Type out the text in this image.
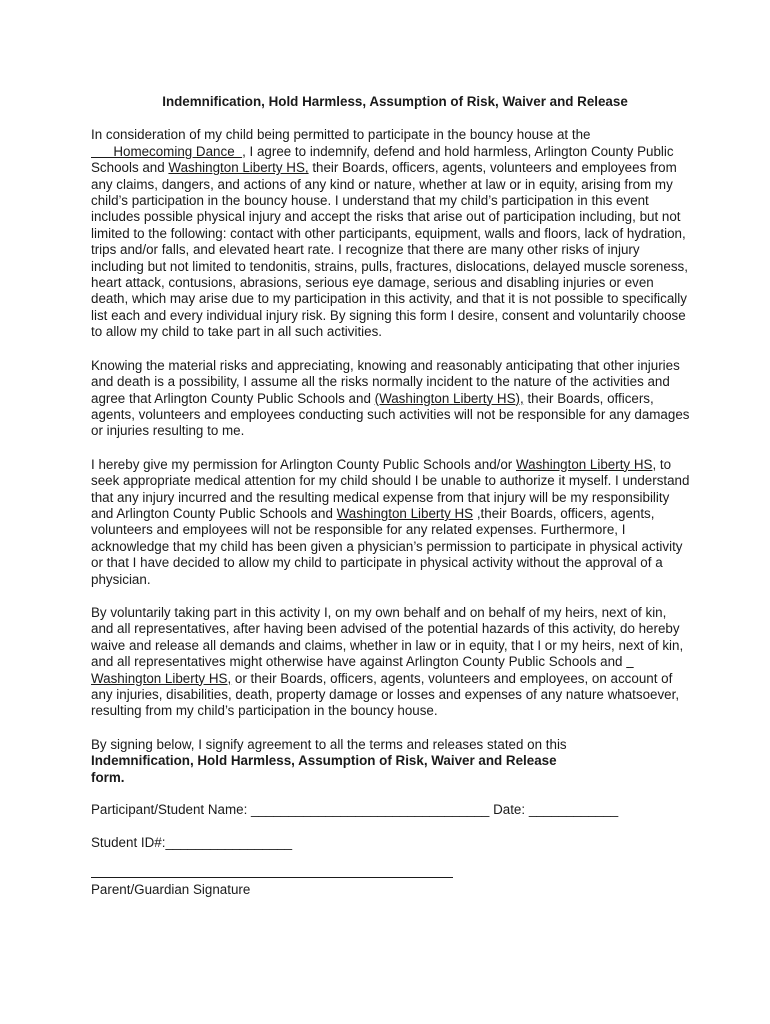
Indemnification, Hold Harmless, Assumption of Risk, Waiver and Release
In consideration of my child being permitted to participate in the bouncy house at the
Homecoming Dance  , I agree to indemnify, defend and hold harmless, Arlington County Public Schools and Washington Liberty HS, their Boards, officers, agents, volunteers and employees from any claims, dangers, and actions of any kind or nature, whether at law or in equity, arising from my child’s participation in the bouncy house. I understand that my child’s participation in this event includes possible physical injury and accept the risks that arise out of participation including, but not limited to the following: contact with other participants, equipment, walls and floors, lack of hydration, trips and/or falls, and elevated heart rate. I recognize that there are many other risks of injury including but not limited to tendonitis, strains, pulls, fractures, dislocations, delayed muscle soreness, heart attack, contusions, abrasions, serious eye damage, serious and disabling injuries or even death, which may arise due to my participation in this activity, and that it is not possible to specifically list each and every individual injury risk. By signing this form I desire, consent and voluntarily choose to allow my child to take part in all such activities.
Knowing the material risks and appreciating, knowing and reasonably anticipating that other injuries and death is a possibility, I assume all the risks normally incident to the nature of the activities and agree that Arlington County Public Schools and (Washington Liberty HS), their Boards, officers, agents, volunteers and employees conducting such activities will not be responsible for any damages or injuries resulting to me.
I hereby give my permission for Arlington County Public Schools and/or Washington Liberty HS, to seek appropriate medical attention for my child should I be unable to authorize it myself. I understand that any injury incurred and the resulting medical expense from that injury will be my responsibility and Arlington County Public Schools and Washington Liberty HS ,their Boards, officers, agents, volunteers and employees will not be responsible for any related expenses. Furthermore, I acknowledge that my child has been given a physician’s permission to participate in physical activity or that I have decided to allow my child to participate in physical activity without the approval of a physician.
By voluntarily taking part in this activity I, on my own behalf and on behalf of my heirs, next of kin, and all representatives, after having been advised of the potential hazards of this activity, do hereby waive and release all demands and claims, whether in law or in equity, that I or my heirs, next of kin, and all representatives might otherwise have against Arlington County Public Schools and   Washington Liberty HS, or their Boards, officers, agents, volunteers and employees, on account of any injuries, disabilities, death, property damage or losses and expenses of any nature whatsoever, resulting from my child’s participation in the bouncy house.
By signing below, I signify agreement to all the terms and releases stated on this
Indemnification, Hold Harmless, Assumption of Risk, Waiver and Release form.
Participant/Student Name: ________________________________ Date: ____________
Student ID#:_________________
Parent/Guardian Signature
